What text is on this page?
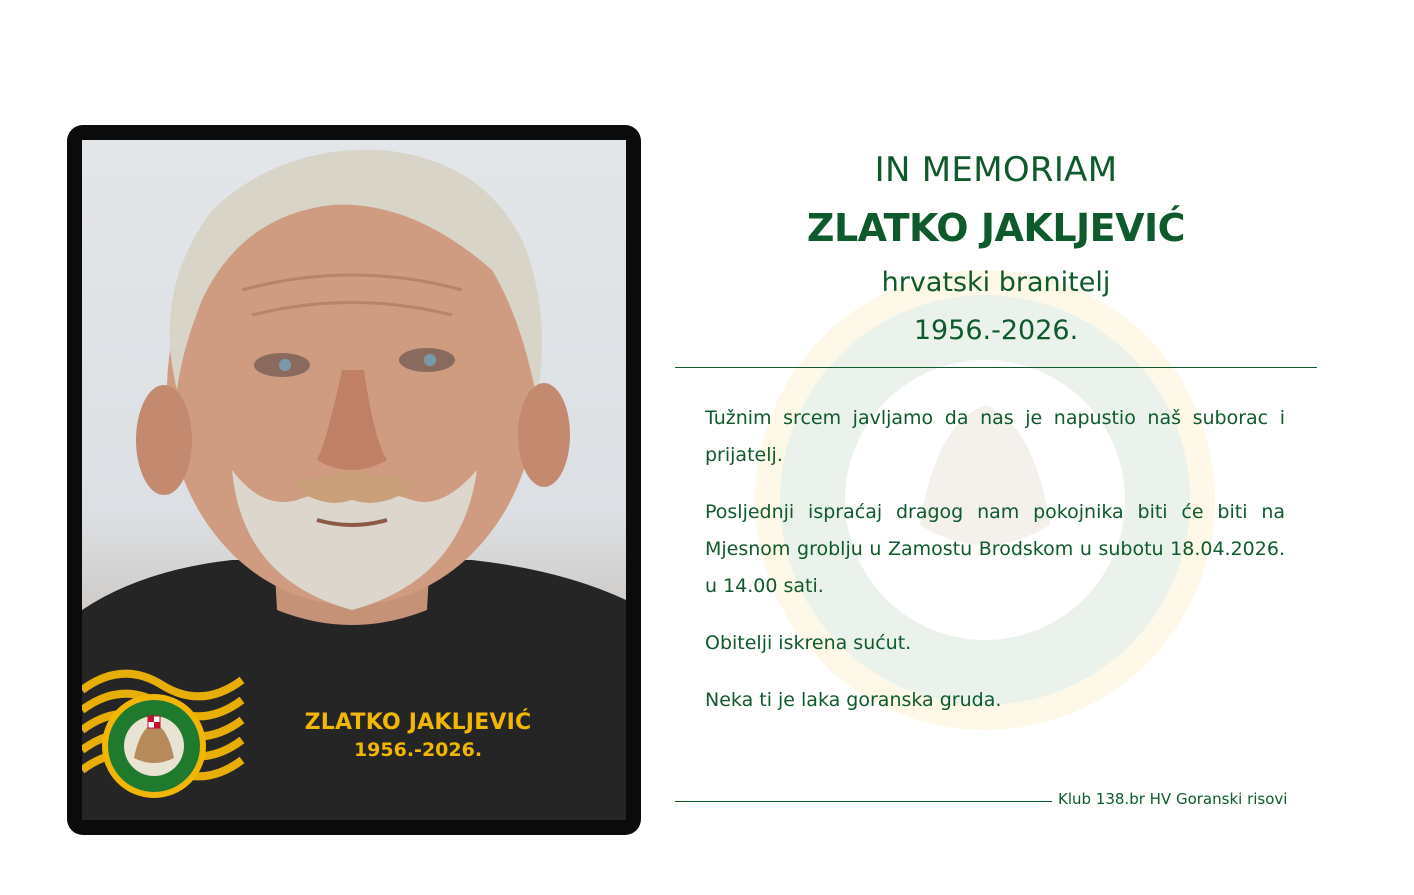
ZLATKO JAKLJEVIĆ
1956.-2026.
IN MEMORIAM
ZLATKO JAKLJEVIĆ
hrvatski branitelj
1956.-2026.

Tužnim srcem javljamo da nas je napustio naš suborac i prijatelj.

Posljednji ispraćaj dragog nam pokojnika biti će biti na Mjesnom groblju u Zamostu Brodskom u subotu 18.04.2026. u 14.00 sati.

Obitelji iskrena sućut.

Neka ti je laka goranska gruda.

Klub 138.br HV Goranski risovi
